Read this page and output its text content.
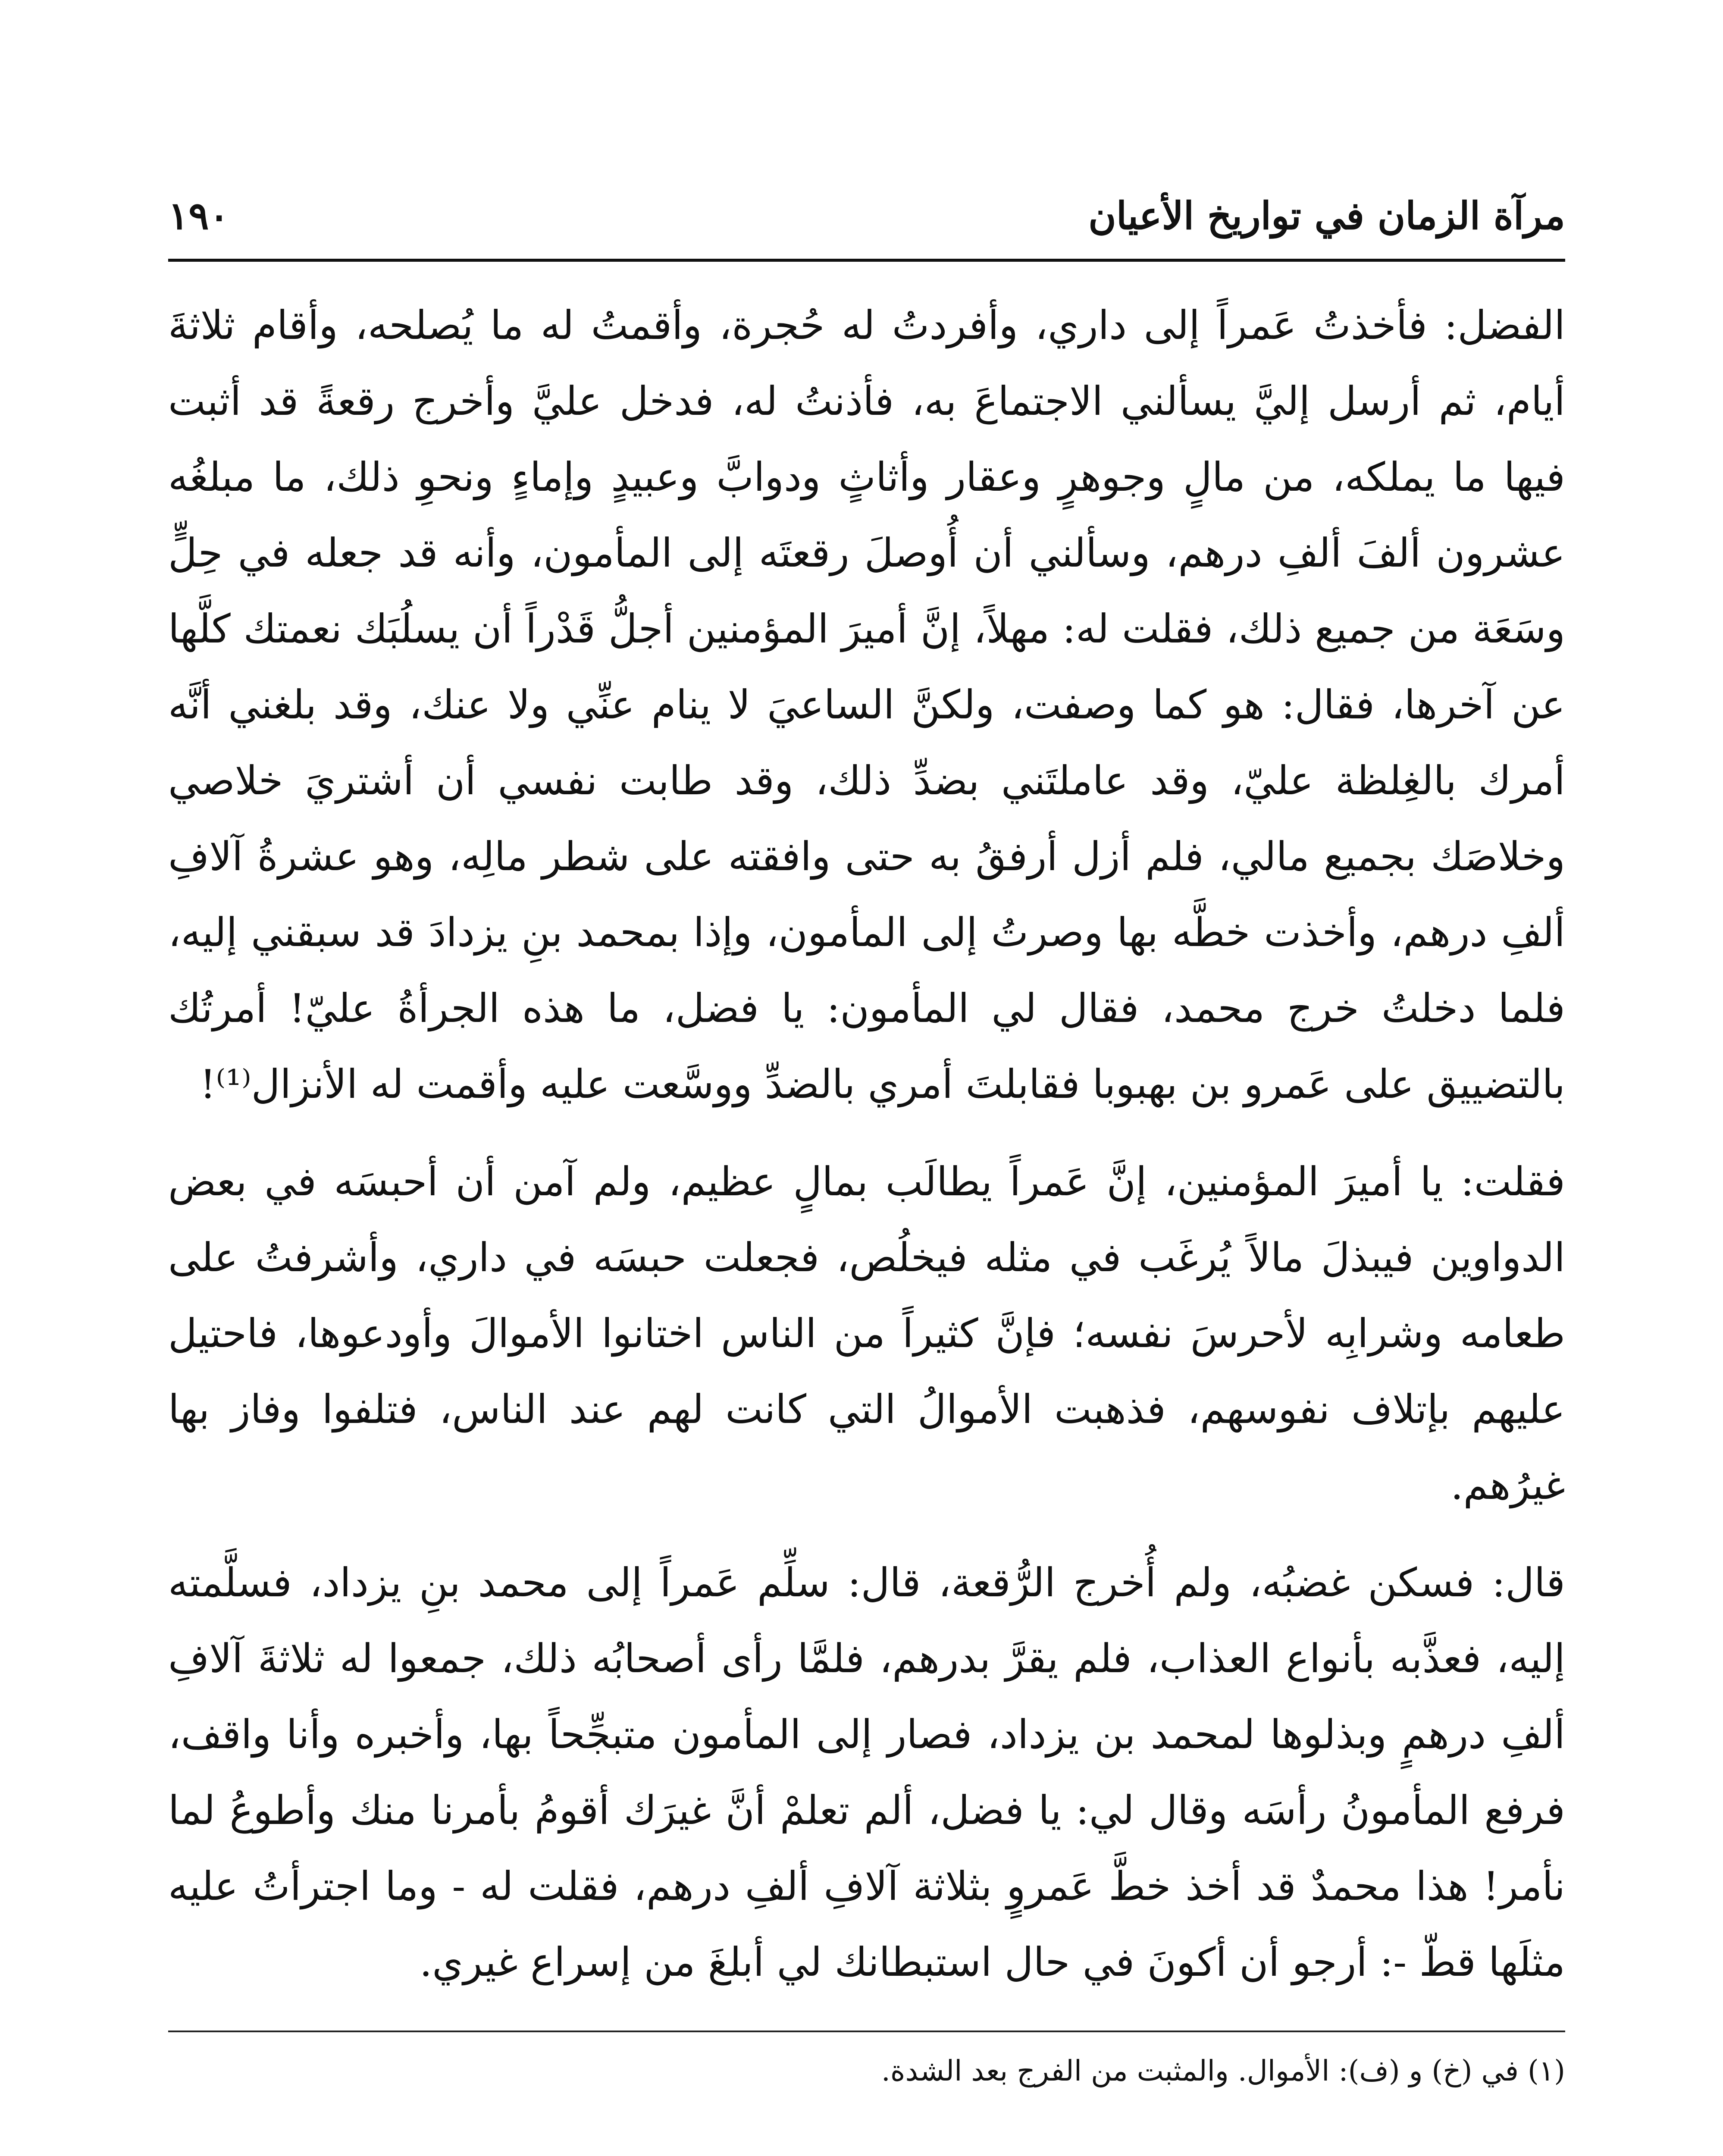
مرآة الزمان في تواريخ الأعيان
١٩٠

الفضل: فأخذتُ عَمراً إلى داري، وأفردتُ له حُجرة، وأقمتُ له ما يُصلحه، وأقام ثلاثةَ أيام، ثم أرسل إليَّ يسألني الاجتماعَ به، فأذنتُ له، فدخل عليَّ وأخرج رقعةً قد أثبت فيها ما يملكه، من مالٍ وجوهرٍ وعقار وأثاثٍ ودوابَّ وعبيدٍ وإماءٍ ونحوِ ذلك، ما مبلغُه عشرون ألفَ ألفِ درهم، وسألني أن أُوصلَ رقعتَه إلى المأمون، وأنه قد جعله في حِلٍّ وسَعَة من جميع ذلك، فقلت له: مهلاً، إنَّ أميرَ المؤمنين أجلُّ قَدْراً أن يسلُبَك نعمتك كلَّها عن آخرها، فقال: هو كما وصفت، ولكنَّ الساعيَ لا ينام عنِّي ولا عنك، وقد بلغني أنَّه أمرك بالغِلظة عليّ، وقد عاملتَني بضدِّ ذلك، وقد طابت نفسي أن أشتريَ خلاصي وخلاصَك بجميع مالي، فلم أزل أرفقُ به حتى وافقته على شطر مالِه، وهو عشرةُ آلافِ ألفِ درهم، وأخذت خطَّه بها وصرتُ إلى المأمون، وإذا بمحمد بنِ يزدادَ قد سبقني إليه، فلما دخلتُ خرج محمد، فقال لي المأمون: يا فضل، ما هذه الجرأةُ عليّ! أمرتُك بالتضييق على عَمرو بن بهبوبا فقابلتَ أمري بالضدِّ ووسَّعت عليه وأقمت له الأنزال⁽¹⁾!

فقلت: يا أميرَ المؤمنين، إنَّ عَمراً يطالَب بمالٍ عظيم، ولم آمن أن أحبسَه في بعض الدواوين فيبذلَ مالاً يُرغَب في مثله فيخلُص، فجعلت حبسَه في داري، وأشرفتُ على طعامه وشرابِه لأحرسَ نفسه؛ فإنَّ كثيراً من الناس اختانوا الأموالَ وأودعوها، فاحتيل عليهم بإتلاف نفوسهم، فذهبت الأموالُ التي كانت لهم عند الناس، فتلفوا وفاز بها غيرُهم.

قال: فسكن غضبُه، ولم أُخرج الرُّقعة، قال: سلِّم عَمراً إلى محمد بنِ يزداد، فسلَّمته إليه، فعذَّبه بأنواع العذاب، فلم يقرَّ بدرهم، فلمَّا رأى أصحابُه ذلك، جمعوا له ثلاثةَ آلافِ ألفِ درهمٍ وبذلوها لمحمد بن يزداد، فصار إلى المأمون متبجِّحاً بها، وأخبره وأنا واقف، فرفع المأمونُ رأسَه وقال لي: يا فضل، ألم تعلمْ أنَّ غيرَك أقومُ بأمرنا منك وأطوعُ لما نأمر! هذا محمدٌ قد أخذ خطَّ عَمروٍ بثلاثة آلافِ ألفِ درهم، فقلت له - وما اجترأتُ عليه مثلَها قطّ -: أرجو أن أكونَ في حال استبطانك لي أبلغَ من إسراع غيري.

(١) في (خ) و (ف): الأموال. والمثبت من الفرج بعد الشدة.
